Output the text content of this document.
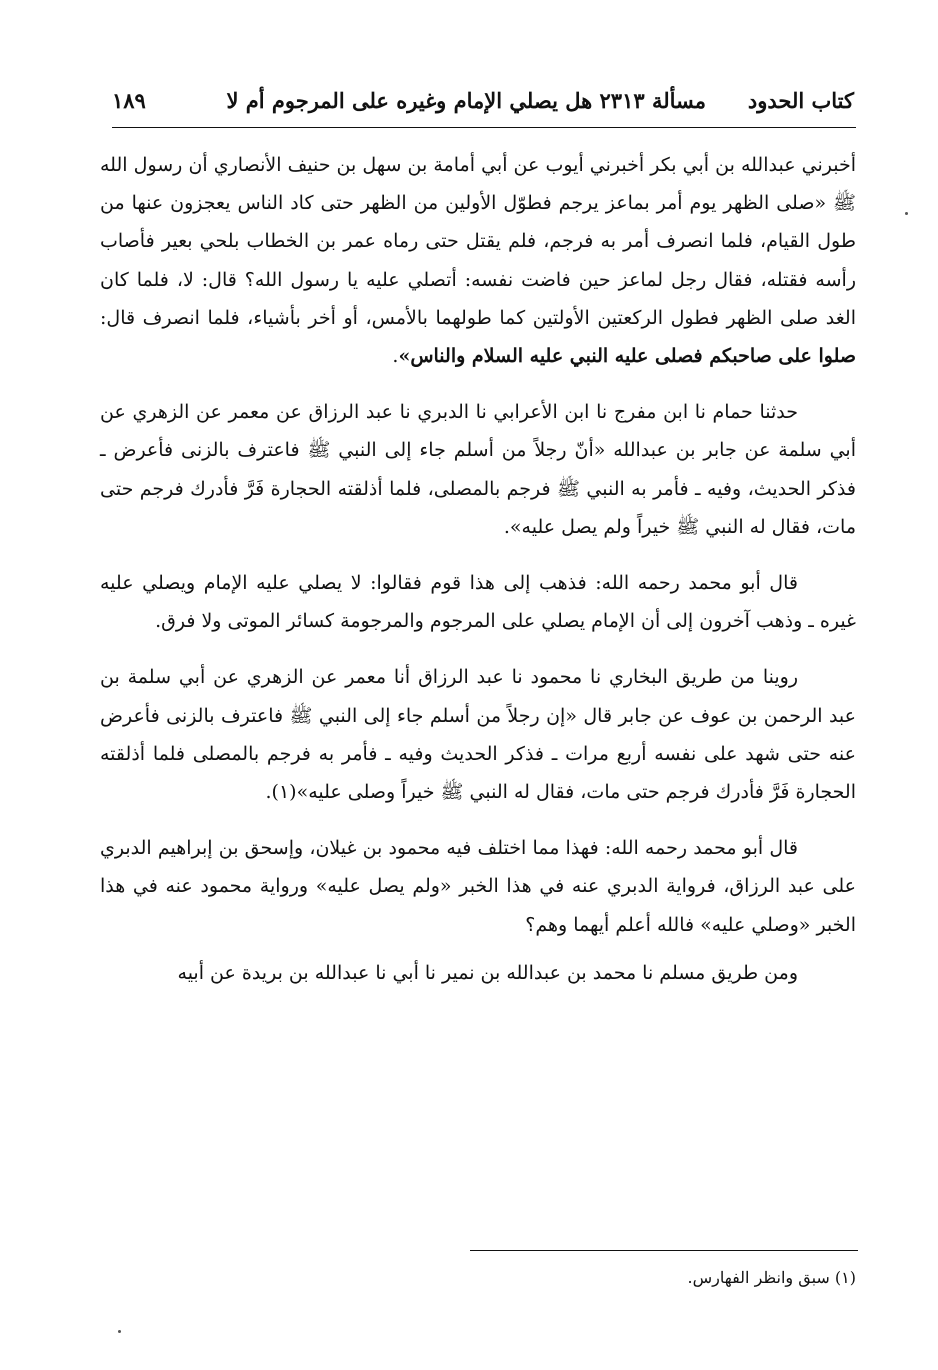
كتاب الحدود
مسألة ٢٣١٣ هل يصلي الإمام وغيره على المرجوم أم لا
١٨٩

أخبرني عبدالله بن أبي بكر أخبرني أيوب عن أبي أمامة بن سهل بن حنيف الأنصاري أن رسول الله ﷺ «صلى الظهر يوم أمر بماعز يرجم فطوّل الأولين من الظهر حتى كاد الناس يعجزون عنها من طول القيام، فلما انصرف أمر به فرجم، فلم يقتل حتى رماه عمر بن الخطاب بلحي بعير فأصاب رأسه فقتله، فقال رجل لماعز حين فاضت نفسه: أتصلي عليه يا رسول الله؟ قال: لا، فلما كان الغد صلى الظهر فطول الركعتين الأولتين كما طولهما بالأمس، أو أخر بأشياء، فلما انصرف قال: صلوا على صاحبكم فصلى عليه النبي عليه السلام والناس».

حدثنا حمام نا ابن مفرج نا ابن الأعرابي نا الدبري نا عبد الرزاق عن معمر عن الزهري عن أبي سلمة عن جابر بن عبدالله «أنّ رجلاً من أسلم جاء إلى النبي ﷺ فاعترف بالزنى فأعرض ـ فذكر الحديث، وفيه ـ فأمر به النبي ﷺ فرجم بالمصلى، فلما أذلقته الحجارة فَرَّ فأدرك فرجم حتى مات، فقال له النبي ﷺ خيراً ولم يصل عليه».

قال أبو محمد رحمه الله: فذهب إلى هذا قوم فقالوا: لا يصلي عليه الإمام ويصلي عليه غيره ـ وذهب آخرون إلى أن الإمام يصلي على المرجوم والمرجومة كسائر الموتى ولا فرق.

روينا من طريق البخاري نا محمود نا عبد الرزاق أنا معمر عن الزهري عن أبي سلمة بن عبد الرحمن بن عوف عن جابر قال «إن رجلاً من أسلم جاء إلى النبي ﷺ فاعترف بالزنى فأعرض عنه حتى شهد على نفسه أربع مرات ـ فذكر الحديث وفيه ـ فأمر به فرجم بالمصلى فلما أذلقته الحجارة فَرَّ فأدرك فرجم حتى مات، فقال له النبي ﷺ خيراً وصلى عليه»(١).

قال أبو محمد رحمه الله: فهذا مما اختلف فيه محمود بن غيلان، وإسحق بن إبراهيم الدبري على عبد الرزاق، فرواية الدبري عنه في هذا الخبر «ولم يصل عليه» ورواية محمود عنه في هذا الخبر «وصلي عليه» فالله أعلم أيهما وهم؟

ومن طريق مسلم نا محمد بن عبدالله بن نمير نا أبي نا عبدالله بن بريدة عن أبيه

(١) سبق وانظر الفهارس.
